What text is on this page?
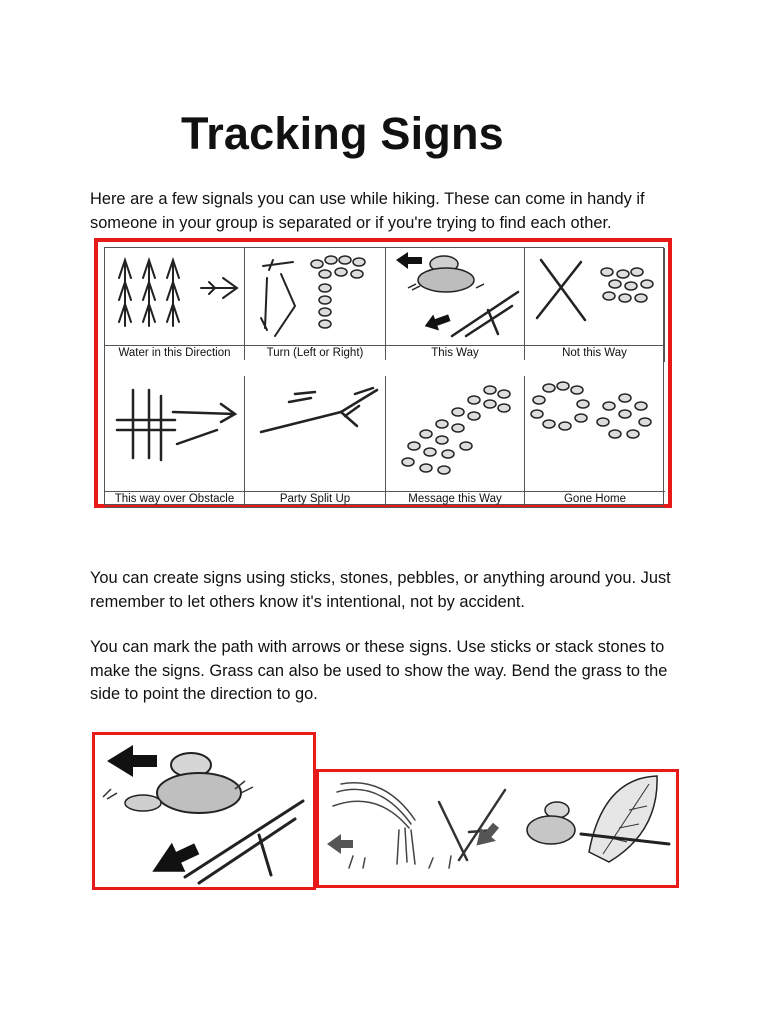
Tracking Signs

Here are a few signals you can use while hiking. These can come in handy if someone in your group is separated or if you're trying to find each other.

Water in this Direction	Turn (Left or Right)	This Way	Not this Way
This way over Obstacle	Party Split Up	Message this Way	Gone Home

You can create signs using sticks, stones, pebbles, or anything around you. Just remember to let others know it's intentional, not by accident.

You can mark the path with arrows or these signs. Use sticks or stack stones to make the signs. Grass can also be used to show the way. Bend the grass to the side to point the direction to go.
